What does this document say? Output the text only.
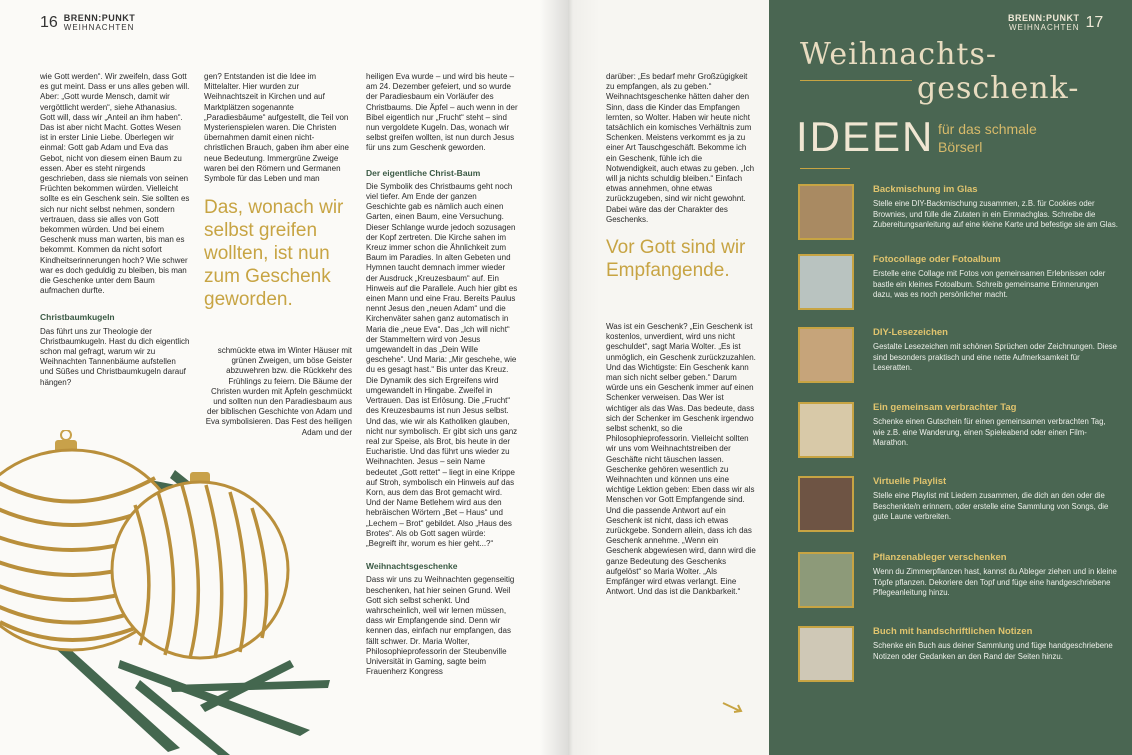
16 BRENN:PUNKT
WEIHNACHTEN

wie Gott werden“. Wir zweifeln, dass Gott es gut meint. Dass er uns alles geben will. Aber: „Gott wurde Mensch, damit wir vergöttlicht werden“, siehe Athanasius. Gott will, dass wir „Anteil an ihm haben“. Das ist aber nicht Macht. Gottes Wesen ist in erster Linie Liebe. Überlegen wir einmal: Gott gab Adam und Eva das Gebot, nicht von diesem einen Baum zu essen. Aber es steht nirgends geschrieben, dass sie niemals von seinen Früchten bekommen würden. Vielleicht sollte es ein Geschenk sein. Sie sollten es sich nur nicht selbst nehmen, sondern vertrauen, dass sie alles von Gott bekommen würden. Und bei einem Geschenk muss man warten, bis man es bekommt. Kommen da nicht sofort Kindheitserinnerungen hoch? Wie schwer war es doch geduldig zu bleiben, bis man die Geschenke unter dem Baum aufmachen durfte.

Christbaumkugeln

Das führt uns zur Theologie der Christbaumkugeln. Hast du dich eigentlich schon mal gefragt, warum wir zu Weihnachten Tannenbäume aufstellen und Süßes und Christbaumkugeln darauf hängen?

gen? Entstanden ist die Idee im Mittelalter. Hier wurden zur Weihnachtszeit in Kirchen und auf Marktplätzen sogenannte „Paradiesbäume“ aufgestellt, die Teil von Mysterienspielen waren. Die Christen übernahmen damit einen nicht-christlichen Brauch, gaben ihm aber eine neue Bedeutung. Immergrüne Zweige waren bei den Römern und Germanen Symbole für das Leben und man

Das, wonach wir selbst greifen wollten, ist nun zum Geschenk geworden.

schmückte etwa im Winter Häuser mit grünen Zweigen, um böse Geister abzuwehren bzw. die Rückkehr des Frühlings zu feiern. Die Bäume der Christen wurden mit Äpfeln geschmückt und sollten nun den Paradiesbaum aus der biblischen Geschichte von Adam und Eva symbolisieren. Das Fest des heiligen Adam und der

heiligen Eva wurde – und wird bis heute – am 24. Dezember gefeiert, und so wurde der Paradiesbaum ein Vorläufer des Christbaums. Die Äpfel – auch wenn in der Bibel eigentlich nur „Frucht“ steht – sind nun vergoldete Kugeln. Das, wonach wir selbst greifen wollten, ist nun durch Jesus für uns zum Geschenk geworden.

Der eigentliche Christ-Baum

Die Symbolik des Christbaums geht noch viel tiefer. Am Ende der ganzen Geschichte gab es nämlich auch einen Garten, einen Baum, eine Versuchung. Dieser Schlange wurde jedoch sozusagen der Kopf zertreten. Die Kirche sahen im Kreuz immer schon die Ähnlichkeit zum Baum im Paradies. In alten Gebeten und Hymnen taucht demnach immer wieder der Ausdruck „Kreuzesbaum“ auf. Ein Hinweis auf die Parallele. Auch hier gibt es einen Mann und eine Frau. Bereits Paulus nennt Jesus den „neuen Adam“ und die Kirchenväter sahen ganz automatisch in Maria die „neue Eva“. Das „Ich will nicht“ der Stammeltern wird von Jesus umgewandelt in das „Dein Wille geschehe“. Und Maria: „Mir geschehe, wie du es gesagt hast.“ Bis unter das Kreuz. Die Dynamik des sich Ergreifens wird umgewandelt in Hingabe. Zweifel in Vertrauen. Das ist Erlösung. Die „Frucht“ des Kreuzesbaums ist nun Jesus selbst. Und das, wie wir als Katholiken glauben, nicht nur symbolisch. Er gibt sich uns ganz real zur Speise, als Brot, bis heute in der Eucharistie. Und das führt uns wieder zu Weihnachten. Jesus – sein Name bedeutet „Gott rettet“ – liegt in eine Krippe auf Stroh, symbolisch ein Hinweis auf das Korn, aus dem das Brot gemacht wird. Und der Name Betlehem wird aus den hebräischen Wörtern „Bet – Haus“ und „Lechem – Brot“ gebildet. Also „Haus des Brotes“. Als ob Gott sagen würde: „Begreift ihr, worum es hier geht...?“

Weihnachtsgeschenke

Dass wir uns zu Weihnachten gegenseitig beschenken, hat hier seinen Grund. Weil Gott sich selbst schenkt. Und wahrscheinlich, weil wir lernen müssen, dass wir Empfangende sind. Denn wir kennen das, einfach nur empfangen, das fällt schwer. Dr. Maria Wolter, Philosophieprofessorin der Steubenville Universität in Gaming, sagte beim Frauenherz Kongress

darüber: „Es bedarf mehr Großzügigkeit zu empfangen, als zu geben.“ Weihnachtsgeschenke hätten daher den Sinn, dass die Kinder das Empfangen lernten, so Wolter. Haben wir heute nicht tatsächlich ein komisches Verhältnis zum Schenken. Meistens verkommt es ja zu einer Art Tauschgeschäft. Bekomme ich ein Geschenk, fühle ich die Notwendigkeit, auch etwas zu geben. „Ich will ja nichts schuldig bleiben.“ Einfach etwas annehmen, ohne etwas zurückzugeben, sind wir nicht gewohnt. Dabei wäre das der Charakter des Geschenks.

Vor Gott sind wir Empfangende.

Was ist ein Geschenk? „Ein Geschenk ist kostenlos, unverdient, wird uns nicht geschuldet“, sagt Maria Wolter. „Es ist unmöglich, ein Geschenk zurückzuzahlen. Und das Wichtigste: Ein Geschenk kann man sich nicht selber geben.“ Darum würde uns ein Geschenk immer auf einen Schenker verweisen. Das Wer ist wichtiger als das Was. Das bedeute, dass sich der Schenker im Geschenk irgendwo selbst schenkt, so die Philosophieprofessorin. Vielleicht sollten wir uns vom Weihnachtstreiben der Geschäfte nicht täuschen lassen. Geschenke gehören wesentlich zu Weihnachten und können uns eine wichtige Lektion geben: Eben dass wir als Menschen vor Gott Empfangende sind. Und die passende Antwort auf ein Geschenk ist nicht, dass ich etwas zurückgebe. Sondern allein, dass ich das Geschenk annehme. „Wenn ein Geschenk abgewiesen wird, dann wird die ganze Bedeutung des Geschenks aufgelöst“ so Maria Wolter. „Als Empfänger wird etwas verlangt. Eine Antwort. Und das ist die Dankbarkeit.“

BRENN:PUNKT
WEIHNACHTEN 17
Weihnachts-
geschenk-
IDEEN für das schmale Börserl
Backmischung im Glas
Stelle eine DIY-Backmischung zusammen, z.B. für Cookies oder Brownies, und fülle die Zutaten in ein Einmachglas. Schreibe die Zubereitungsanleitung auf eine kleine Karte und befestige sie am Glas.
Fotocollage oder Fotoalbum
Erstelle eine Collage mit Fotos von gemeinsamen Erlebnissen oder bastle ein kleines Fotoalbum. Schreib gemeinsame Erinnerungen dazu, was es noch persönlicher macht.
DIY-Lesezeichen
Gestalte Lesezeichen mit schönen Sprüchen oder Zeichnungen. Diese sind besonders praktisch und eine nette Aufmerksamkeit für Leseratten.
Ein gemeinsam verbrachter Tag
Schenke einen Gutschein für einen gemeinsamen verbrachten Tag, wie z.B. eine Wanderung, einen Spieleabend oder einen Film-Marathon.
Virtuelle Playlist
Stelle eine Playlist mit Liedern zusammen, die dich an den oder die Beschenkte/n erinnern, oder erstelle eine Sammlung von Songs, die gute Laune verbreiten.
Pflanzenableger verschenken
Wenn du Zimmerpflanzen hast, kannst du Ableger ziehen und in kleine Töpfe pflanzen. Dekoriere den Topf und füge eine handgeschriebene Pflegeanleitung hinzu.
Buch mit handschriftlichen Notizen
Schenke ein Buch aus deiner Sammlung und füge handgeschriebene Notizen oder Gedanken an den Rand der Seiten hinzu.
